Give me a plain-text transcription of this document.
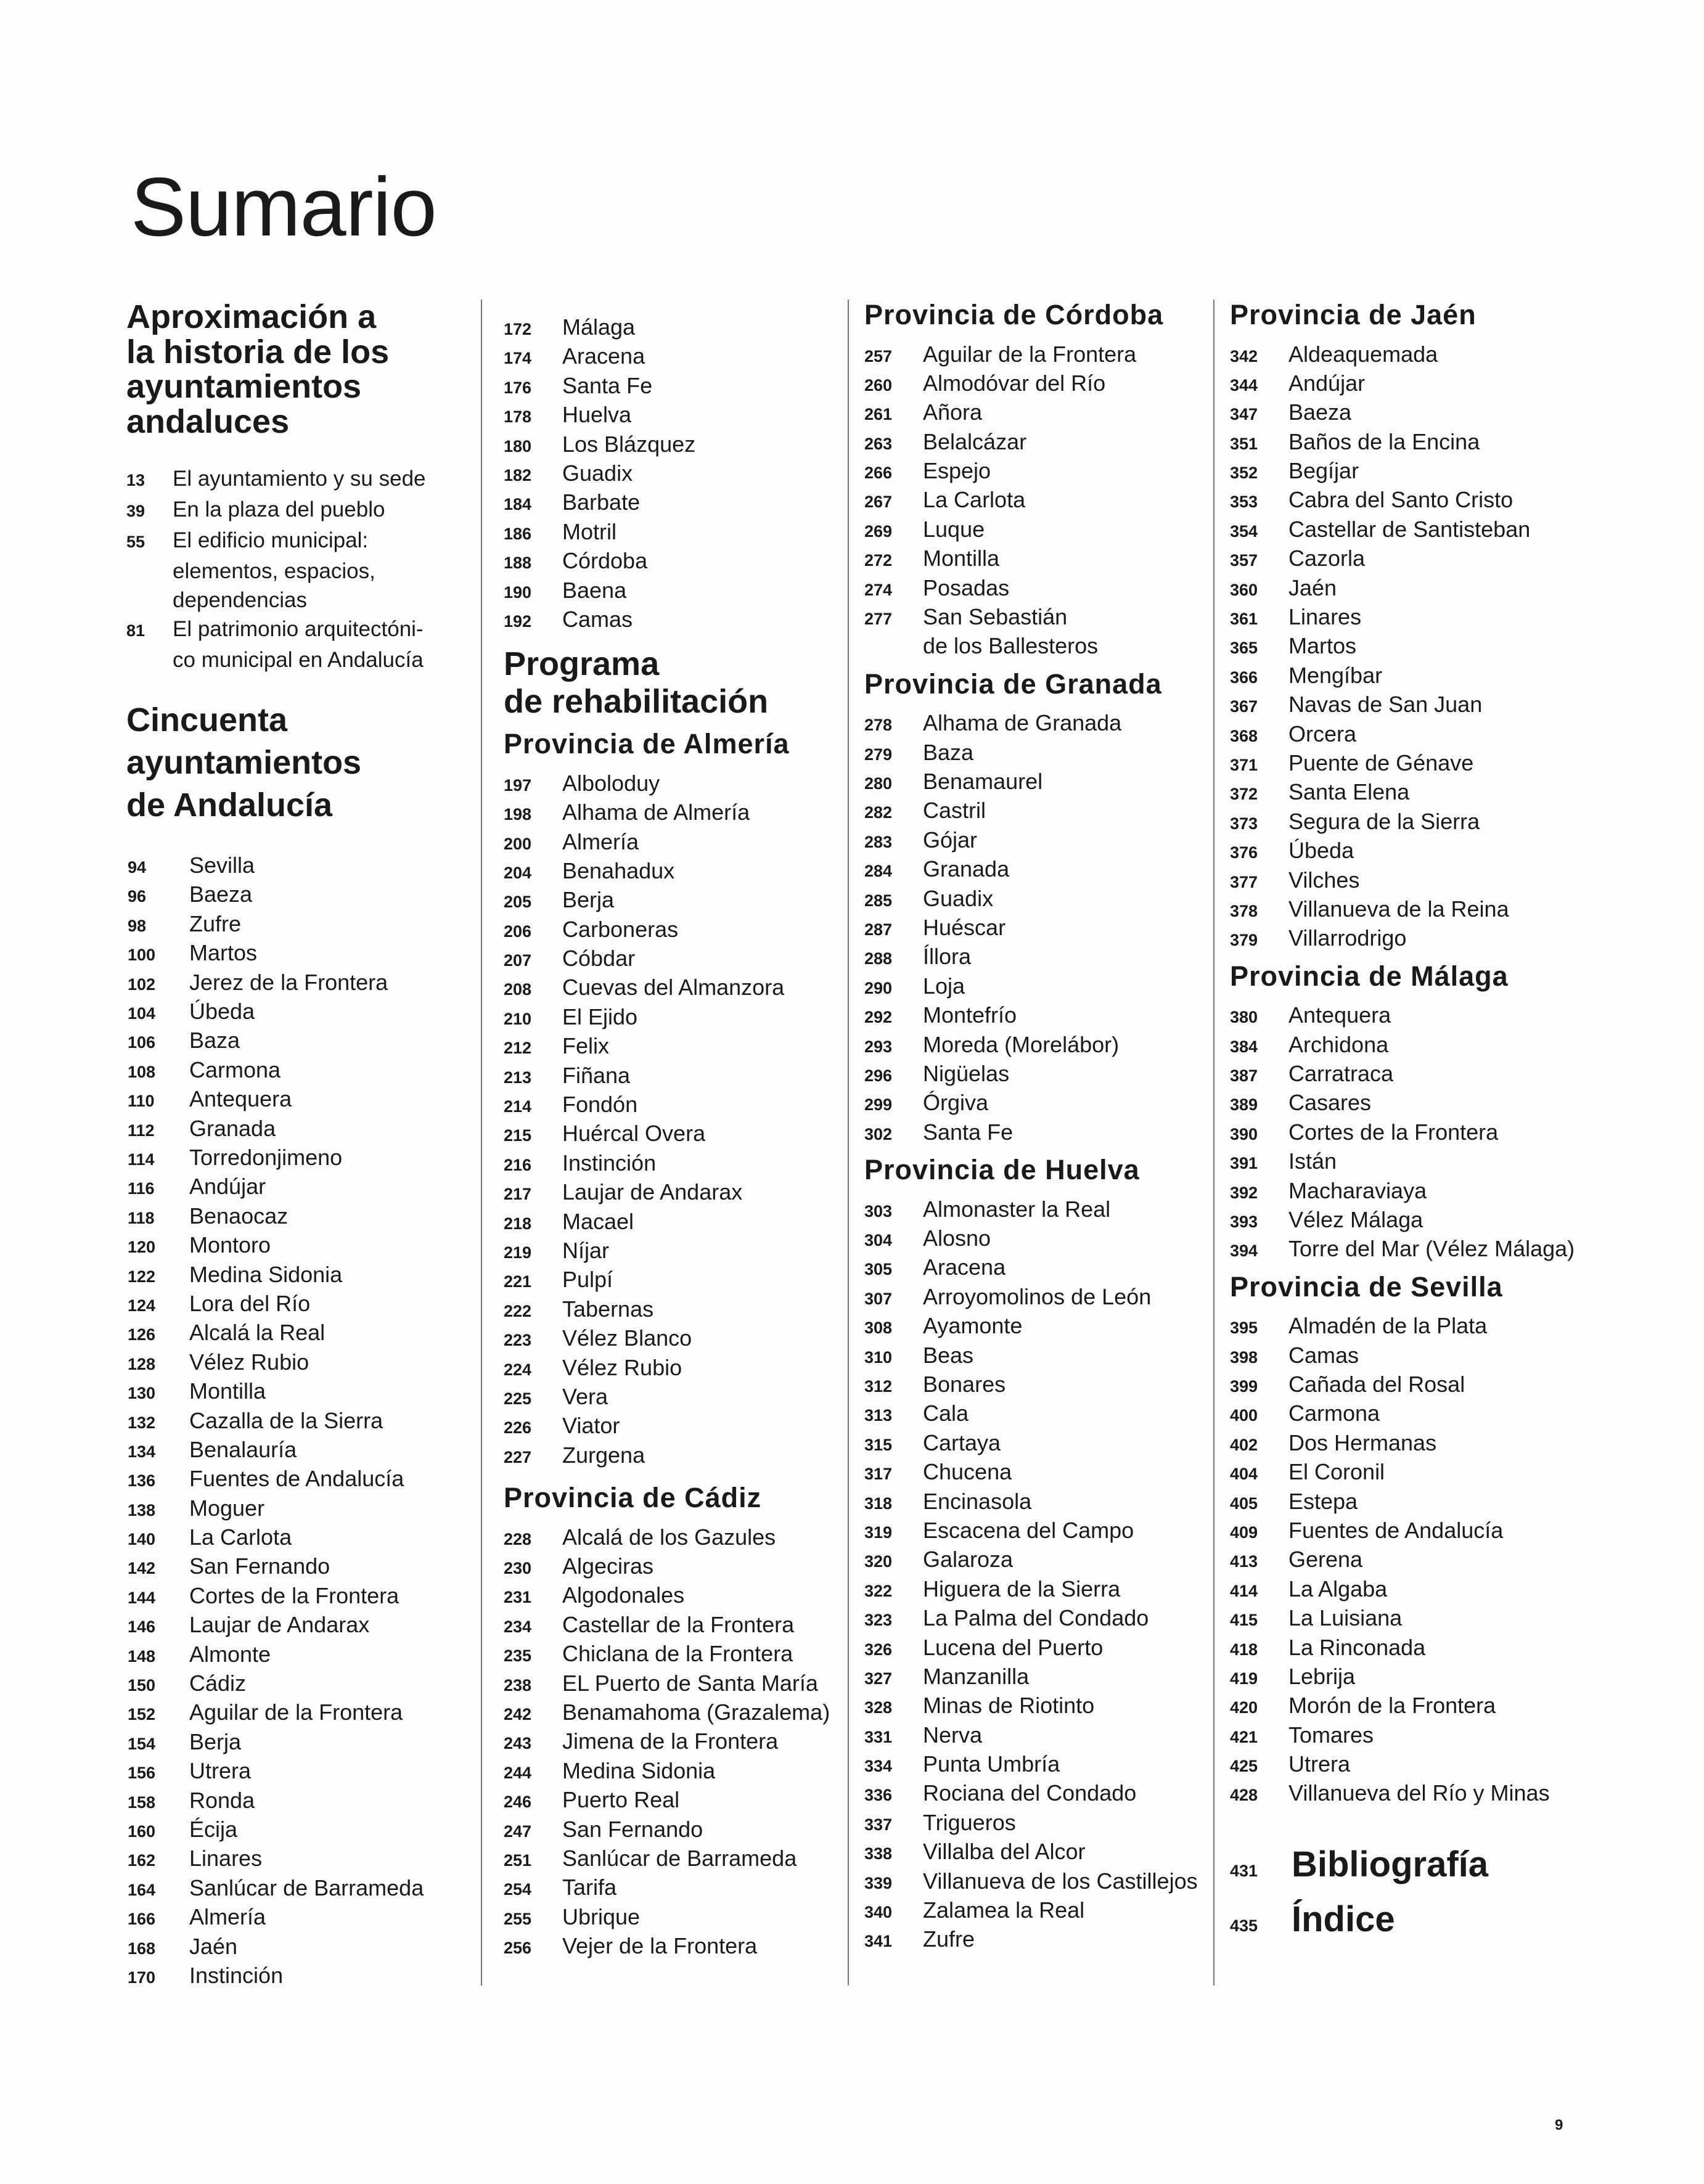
Sumario
Aproximación a
la historia de los
ayuntamientos
andaluces
13	El ayuntamiento y su sede
39	En la plaza del pueblo
55	El edificio municipal:
elementos, espacios,
dependencias
81	El patrimonio arquitectóni-
co municipal en Andalucía
Cincuenta
ayuntamientos
de Andalucía
94	Sevilla
96	Baeza
98	Zufre
100	Martos
102	Jerez de la Frontera
104	Úbeda
106	Baza
108	Carmona
110	Antequera
112	Granada
114	Torredonjimeno
116	Andújar
118	Benaocaz
120	Montoro
122	Medina Sidonia
124	Lora del Río
126	Alcalá la Real
128	Vélez Rubio
130	Montilla
132	Cazalla de la Sierra
134	Benalauría
136	Fuentes de Andalucía
138	Moguer
140	La Carlota
142	San Fernando
144	Cortes de la Frontera
146	Laujar de Andarax
148	Almonte
150	Cádiz
152	Aguilar de la Frontera
154	Berja
156	Utrera
158	Ronda
160	Écija
162	Linares
164	Sanlúcar de Barrameda
166	Almería
168	Jaén
170	Instinción
172	Málaga
174	Aracena
176	Santa Fe
178	Huelva
180	Los Blázquez
182	Guadix
184	Barbate
186	Motril
188	Córdoba
190	Baena
192	Camas
Programa
de rehabilitación
Provincia de Almería
197	Alboloduy
198	Alhama de Almería
200	Almería
204	Benahadux
205	Berja
206	Carboneras
207	Cóbdar
208	Cuevas del Almanzora
210	El Ejido
212	Felix
213	Fiñana
214	Fondón
215	Huércal Overa
216	Instinción
217	Laujar de Andarax
218	Macael
219	Níjar
221	Pulpí
222	Tabernas
223	Vélez Blanco
224	Vélez Rubio
225	Vera
226	Viator
227	Zurgena
Provincia de Cádiz
228	Alcalá de los Gazules
230	Algeciras
231	Algodonales
234	Castellar de la Frontera
235	Chiclana de la Frontera
238	EL Puerto de Santa María
242	Benamahoma (Grazalema)
243	Jimena de la Frontera
244	Medina Sidonia
246	Puerto Real
247	San Fernando
251	Sanlúcar de Barrameda
254	Tarifa
255	Ubrique
256	Vejer de la Frontera
Provincia de Córdoba
257	Aguilar de la Frontera
260	Almodóvar del Río
261	Añora
263	Belalcázar
266	Espejo
267	La Carlota
269	Luque
272	Montilla
274	Posadas
277	San Sebastián
de los Ballesteros
Provincia de Granada
278	Alhama de Granada
279	Baza
280	Benamaurel
282	Castril
283	Gójar
284	Granada
285	Guadix
287	Huéscar
288	Íllora
290	Loja
292	Montefrío
293	Moreda (Morelábor)
296	Nigüelas
299	Órgiva
302	Santa Fe
Provincia de Huelva
303	Almonaster la Real
304	Alosno
305	Aracena
307	Arroyomolinos de León
308	Ayamonte
310	Beas
312	Bonares
313	Cala
315	Cartaya
317	Chucena
318	Encinasola
319	Escacena del Campo
320	Galaroza
322	Higuera de la Sierra
323	La Palma del Condado
326	Lucena del Puerto
327	Manzanilla
328	Minas de Riotinto
331	Nerva
334	Punta Umbría
336	Rociana del Condado
337	Trigueros
338	Villalba del Alcor
339	Villanueva de los Castillejos
340	Zalamea la Real
341	Zufre
Provincia de Jaén
342	Aldeaquemada
344	Andújar
347	Baeza
351	Baños de la Encina
352	Begíjar
353	Cabra del Santo Cristo
354	Castellar de Santisteban
357	Cazorla
360	Jaén
361	Linares
365	Martos
366	Mengíbar
367	Navas de San Juan
368	Orcera
371	Puente de Génave
372	Santa Elena
373	Segura de la Sierra
376	Úbeda
377	Vilches
378	Villanueva de la Reina
379	Villarrodrigo
Provincia de Málaga
380	Antequera
384	Archidona
387	Carratraca
389	Casares
390	Cortes de la Frontera
391	Istán
392	Macharaviaya
393	Vélez Málaga
394	Torre del Mar (Vélez Málaga)
Provincia de Sevilla
395	Almadén de la Plata
398	Camas
399	Cañada del Rosal
400	Carmona
402	Dos Hermanas
404	El Coronil
405	Estepa
409	Fuentes de Andalucía
413	Gerena
414	La Algaba
415	La Luisiana
418	La Rinconada
419	Lebrija
420	Morón de la Frontera
421	Tomares
425	Utrera
428	Villanueva del Río y Minas
431 Bibliografía
435 Índice
9
